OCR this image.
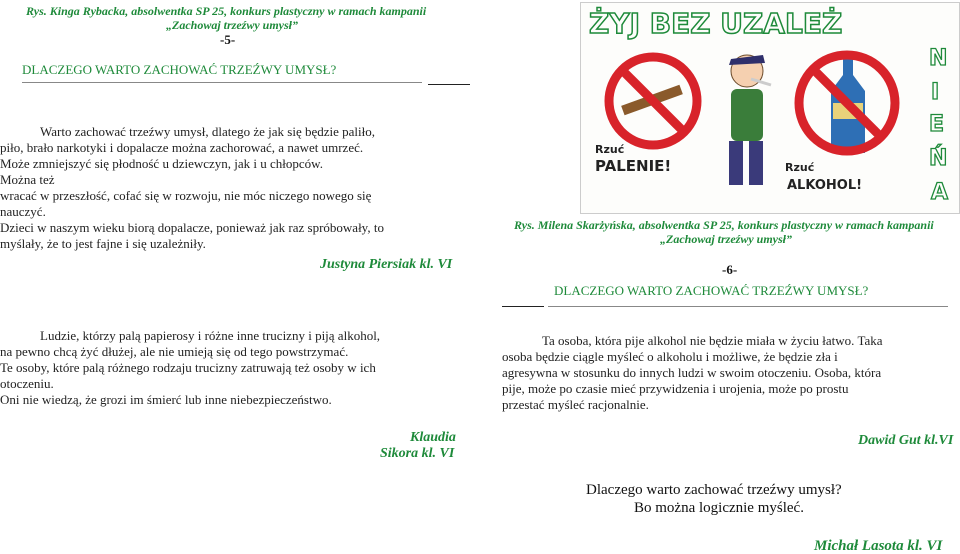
Rys. Kinga Rybacka, absolwentka SP 25, konkurs plastyczny w ramach kampanii
„Zachowaj trzeźwy umysł”
-5-
DLACZEGO WARTO ZACHOWAĆ TRZEŹWY UMYSŁ?

Warto zachować trzeźwy umysł, dlatego że jak się będzie paliło,

piło, brało narkotyki i dopalacze można zachorować, a nawet umrzeć.

Może zmniejszyć się płodność u dziewczyn, jak i u chłopców.

Można też

wracać w przeszłość, cofać się w rozwoju, nie móc niczego nowego się

nauczyć.

Dzieci w naszym wieku biorą dopalacze, ponieważ jak raz spróbowały, to

myślały, że to jest fajne i się uzależniły.

Justyna Piersiak kl. VI

Ludzie, którzy palą papierosy i różne inne trucizny i piją alkohol,

na pewno chcą żyć dłużej, ale nie umieją się od tego powstrzymać.

Te osoby, które palą różnego rodzaju trucizny zatruwają też osoby w ich

otoczeniu.

Oni nie wiedzą, że grozi im śmierć lub inne niebezpieczeństwo.

Klaudia
Sikora kl. VI
ŻYJ BEZ UZALEŻ
N
I
E
Ń
A
Rzuć
PALENIE!	Rzuć
ALKOHOL!
Rys. Milena Skarżyńska, absolwentka SP 25, konkurs plastyczny w ramach kampanii
„Zachowaj trzeźwy umysł”
-6-
DLACZEGO WARTO ZACHOWAĆ TRZEŹWY UMYSŁ?

Ta osoba, która pije alkohol nie będzie miała w życiu łatwo. Taka

osoba będzie ciągle myśleć o alkoholu i możliwe, że będzie zła i

agresywna w stosunku do innych ludzi w swoim otoczeniu. Osoba, która

pije, może po czasie mieć przywidzenia i urojenia, może po prostu

przestać myśleć racjonalnie.

Dawid Gut kl.VI
Dlaczego warto zachować trzeźwy umysł?
Bo można logicznie myśleć.
Michał Lasota kl. VI
